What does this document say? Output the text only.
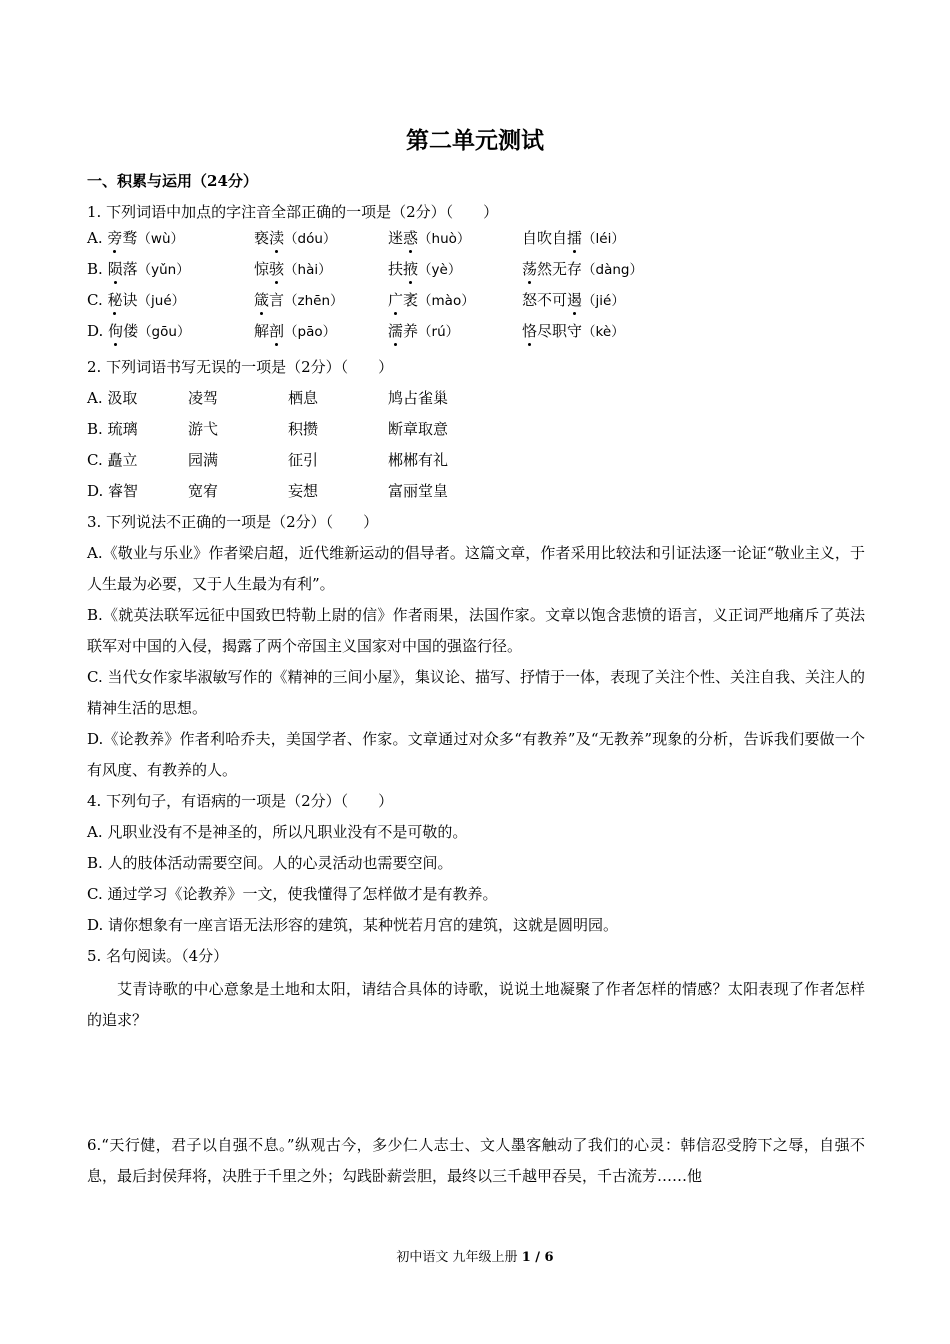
第二单元测试
一、积累与运用（24分）
1. 下列词语中加点的字注音全部正确的一项是（2分）（　　）
A. 旁骛（wù）	亵渎（dóu）	迷惑（huò）	自吹自擂（léi）
B. 陨落（yǔn）	惊骇（hài）	扶掖（yè）	荡然无存（dàng）
C. 秘诀（jué）	箴言（zhēn）	广袤（mào）	怒不可遏（jié）
D. 佝偻（gōu）	解剖（pāo）	濡养（rú）	恪尽职守（kè）
2. 下列词语书写无误的一项是（2分）（　　）
A. 汲取	凌驾	栖息	鸠占雀巢
B. 琉璃	游弋	积攒	断章取意
C. 矗立	园满	征引	郴郴有礼
D. 睿智	宽宥	妄想	富丽堂皇
3. 下列说法不正确的一项是（2分）（　　）
A.《敬业与乐业》作者梁启超，近代维新运动的倡导者。这篇文章，作者采用比较法和引证法逐一论证“敬业主义，于人生最为必要，又于人生最为有利”。
B.《就英法联军远征中国致巴特勒上尉的信》作者雨果，法国作家。文章以饱含悲愤的语言，义正词严地痛斥了英法联军对中国的入侵，揭露了两个帝国主义国家对中国的强盗行径。
C. 当代女作家毕淑敏写作的《精神的三间小屋》，集议论、描写、抒情于一体，表现了关注个性、关注自我、关注人的精神生活的思想。
D.《论教养》作者利哈乔夫，美国学者、作家。文章通过对众多“有教养”及“无教养”现象的分析，告诉我们要做一个有风度、有教养的人。
4. 下列句子，有语病的一项是（2分）（　　）
A. 凡职业没有不是神圣的，所以凡职业没有不是可敬的。
B. 人的肢体活动需要空间。人的心灵活动也需要空间。
C. 通过学习《论教养》一文，使我懂得了怎样做才是有教养。
D. 请你想象有一座言语无法形容的建筑，某种恍若月宫的建筑，这就是圆明园。
5. 名句阅读。（4分）
艾青诗歌的中心意象是土地和太阳，请结合具体的诗歌，说说土地凝聚了作者怎样的情感？太阳表现了作者怎样的追求？
6.“天行健，君子以自强不息。”纵观古今，多少仁人志士、文人墨客触动了我们的心灵：韩信忍受胯下之辱，自强不息，最后封侯拜将，决胜于千里之外；勾践卧薪尝胆，最终以三千越甲吞吴，千古流芳……他
初中语文 九年级上册 1 / 6
